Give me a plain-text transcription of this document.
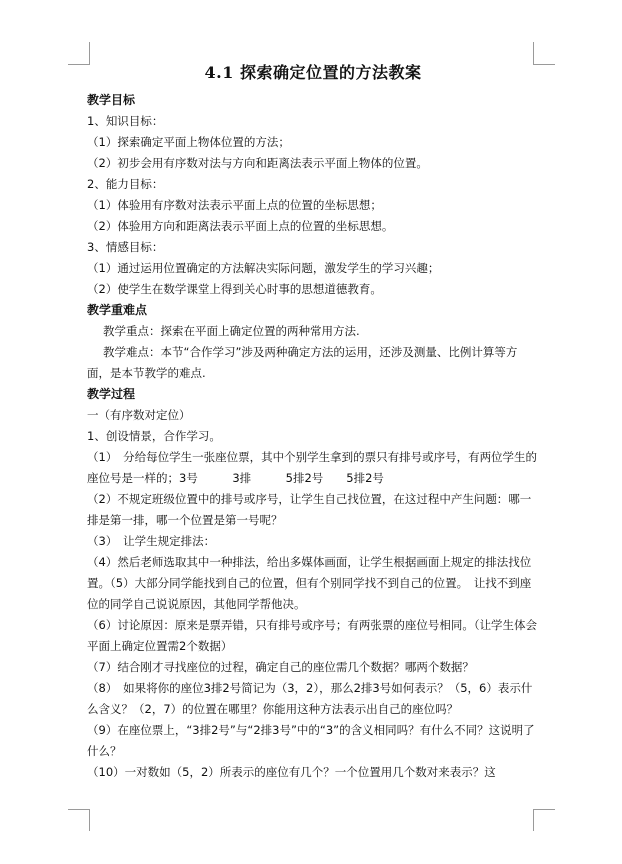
4.1 探索确定位置的方法教案

教学目标

1、知识目标：

（1）探索确定平面上物体位置的方法；

（2）初步会用有序数对法与方向和距离法表示平面上物体的位置。

2、能力目标：

（1）体验用有序数对法表示平面上点的位置的坐标思想；

（2）体验用方向和距离法表示平面上点的位置的坐标思想。

3、情感目标：

（1）通过运用位置确定的方法解决实际问题，激发学生的学习兴趣；

（2）使学生在数学课堂上得到关心时事的思想道德教育。

教学重难点

教学重点：探索在平面上确定位置的两种常用方法.

教学难点：本节“合作学习”涉及两种确定方法的运用，还涉及测量、比例计算等方面，是本节教学的难点.

教学过程

一（有序数对定位）

1、创设情景，合作学习。

（1）　分给每位学生一张座位票，其中个别学生拿到的票只有排号或序号，有两位学生的座位号是一样的；3号　　　3排　　　5排2号　　5排2号

（2）不规定班级位置中的排号或序号，让学生自己找位置，在这过程中产生问题：哪一排是第一排，哪一个位置是第一号呢？

（3）　让学生规定排法：

（4）然后老师选取其中一种排法，给出多媒体画面，让学生根据画面上规定的排法找位置。（5）大部分同学能找到自己的位置，但有个别同学找不到自己的位置。　让找不到座位的同学自己说说原因，其他同学帮他决。

（6）讨论原因：原来是票弄错，只有排号或序号；有两张票的座位号相同。（让学生体会平面上确定位置需2个数据）

（7）结合刚才寻找座位的过程，确定自己的座位需几个数据？哪两个数据？

（8）　如果将你的座位3排2号简记为（3，2），那么2排3号如何表示？（5，6）表示什么含义？（2，7）的位置在哪里？你能用这种方法表示出自己的座位吗？

（9）在座位票上，“3排2号”与“2排3号”中的“3”的含义相同吗？有什么不同？这说明了什么？

（10）一对数如（5，2）所表示的座位有几个？一个位置用几个数对来表示？这
